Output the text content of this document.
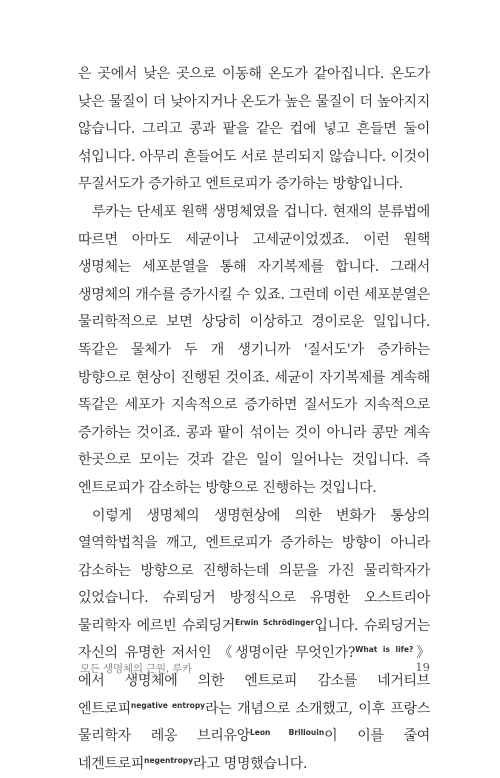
은 곳에서 낮은 곳으로 이동해 온도가 같아집니다. 온도가 낮은 물질이 더 낮아지거나 온도가 높은 물질이 더 높아지지 않습니다. 그리고 콩과 팥을 같은 컵에 넣고 흔들면 둘이 섞입니다. 아무리 흔들어도 서로 분리되지 않습니다. 이것이 무질서도가 증가하고 엔트로피가 증가하는 방향입니다.

루카는 단세포 원핵 생명체였을 겁니다. 현재의 분류법에 따르면 아마도 세균이나 고세균이었겠죠. 이런 원핵 생명체는 세포분열을 통해 자기복제를 합니다. 그래서 생명체의 개수를 증가시킬 수 있죠. 그런데 이런 세포분열은 물리학적으로 보면 상당히 이상하고 경이로운 일입니다. 똑같은 물체가 두 개 생기니까 '질서도'가 증가하는 방향으로 현상이 진행된 것이죠. 세균이 자기복제를 계속해 똑같은 세포가 지속적으로 증가하면 질서도가 지속적으로 증가하는 것이죠. 콩과 팥이 섞이는 것이 아니라 콩만 계속 한곳으로 모이는 것과 같은 일이 일어나는 것입니다. 즉 엔트로피가 감소하는 방향으로 진행하는 것입니다.

이렇게 생명체의 생명현상에 의한 변화가 통상의 열역학법칙을 깨고, 엔트로피가 증가하는 방향이 아니라 감소하는 방향으로 진행하는데 의문을 가진 물리학자가 있었습니다. 슈뢰딩거 방정식으로 유명한 오스트리아 물리학자 에르빈 슈뢰딩거$^{Erwin Schrödinger}$입니다. 슈뢰딩거는 자신의 유명한 저서인 《생명이란 무엇인가?$^{What is life?}$》에서 생명체에 의한 엔트로피 감소를 네거티브 엔트로피$^{negative entropy}$라는 개념으로 소개했고, 이후 프랑스 물리학자 레옹 브리유앙$^{Leon Brillouin}$이 이를 줄여 네겐트로피$^{negentropy}$라고 명명했습니다.

모든 생명체의 근원, 루카	19
